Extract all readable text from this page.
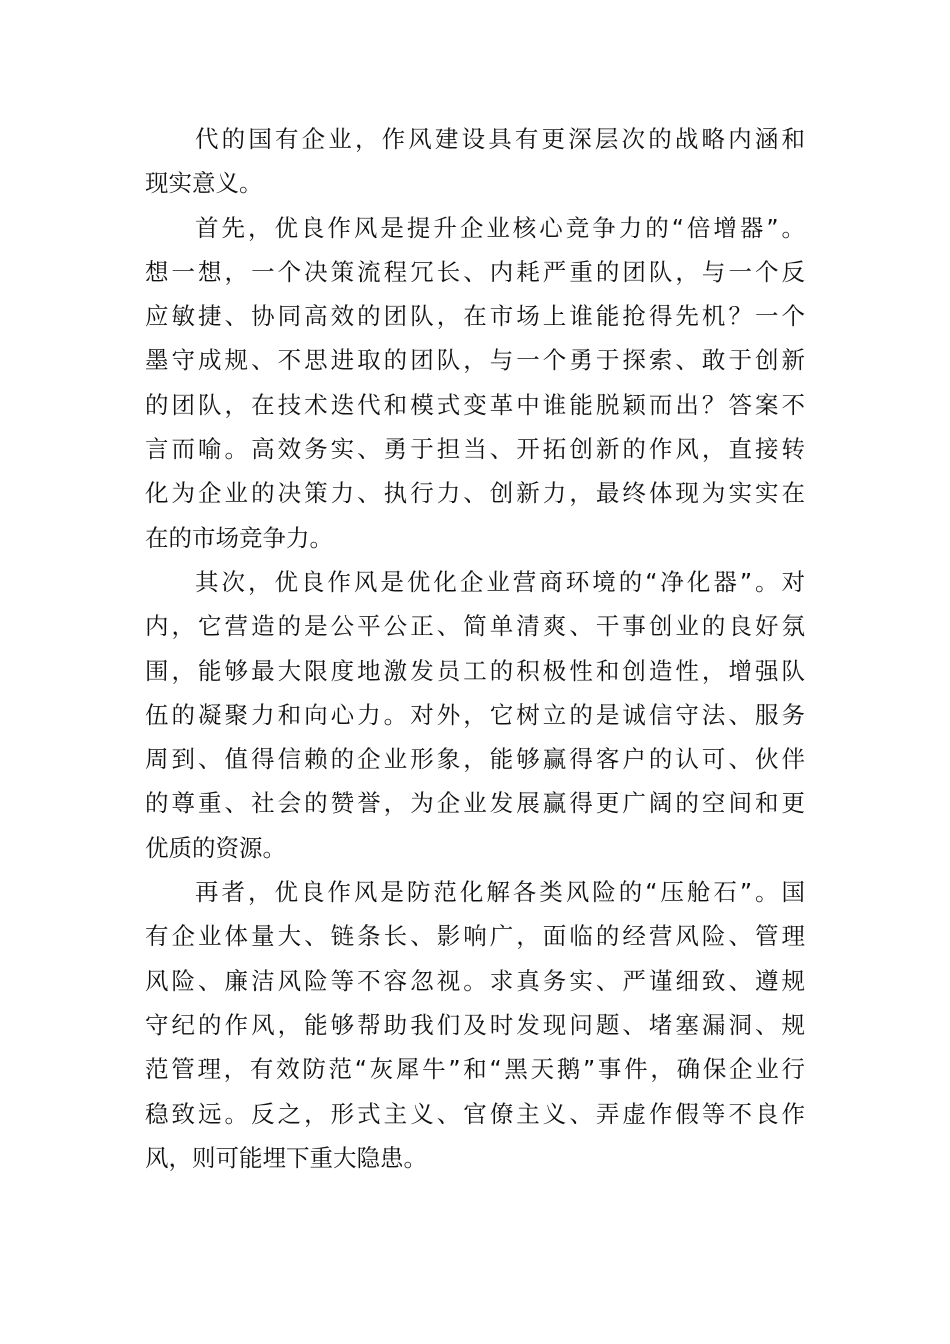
代的国有企业，作风建设具有更深层次的战略内涵和
现实意义。
首先，优良作风是提升企业核心竞争力的“倍增器”。
想一想，一个决策流程冗长、内耗严重的团队，与一个反
应敏捷、协同高效的团队，在市场上谁能抢得先机？一个
墨守成规、不思进取的团队，与一个勇于探索、敢于创新
的团队，在技术迭代和模式变革中谁能脱颖而出？答案不
言而喻。高效务实、勇于担当、开拓创新的作风，直接转
化为企业的决策力、执行力、创新力，最终体现为实实在
在的市场竞争力。
其次，优良作风是优化企业营商环境的“净化器”。对
内，它营造的是公平公正、简单清爽、干事创业的良好氛
围，能够最大限度地激发员工的积极性和创造性，增强队
伍的凝聚力和向心力。对外，它树立的是诚信守法、服务
周到、值得信赖的企业形象，能够赢得客户的认可、伙伴
的尊重、社会的赞誉，为企业发展赢得更广阔的空间和更
优质的资源。
再者，优良作风是防范化解各类风险的“压舱石”。国
有企业体量大、链条长、影响广，面临的经营风险、管理
风险、廉洁风险等不容忽视。求真务实、严谨细致、遵规
守纪的作风，能够帮助我们及时发现问题、堵塞漏洞、规
范管理，有效防范“灰犀牛”和“黑天鹅”事件，确保企业行
稳致远。反之，形式主义、官僚主义、弄虚作假等不良作
风，则可能埋下重大隐患。
